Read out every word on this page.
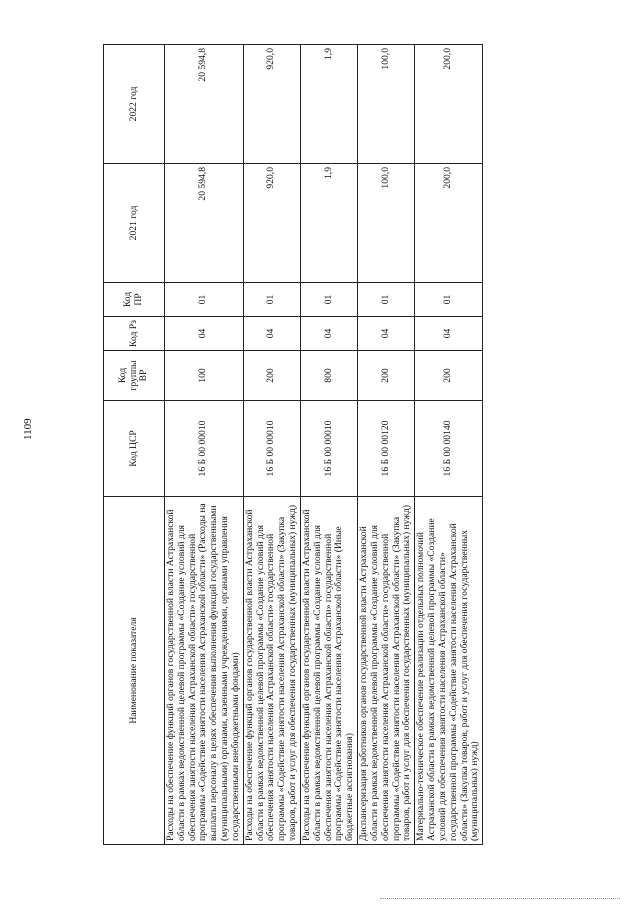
1109
Наименование показателя	Код ЦСР	Код группы ВР	Код Рз	Код ПР	2021 год	2022 год
Расходы на обеспечение функций органов государственной власти Астраханской области в рамках ведомственной целевой программы «Создание условий для обеспечения занятости населения Астраханской области» государственной программы «Содействие занятости населения Астраханской области» (Расходы на выплаты персоналу в целях обеспечения выполнения функций государственными (муниципальными) органами, казенными учреждениями, органами управления государственными внебюджетными фондами)	16 Б 00 00010	100	04	01	20 594,8	20 594,8
Расходы на обеспечение функций органов государственной власти Астраханской области в рамках ведомственной целевой программы «Создание условий для обеспечения занятости населения Астраханской области» государственной программы «Содействие занятости населения Астраханской области» (Закупка товаров, работ и услуг для обеспечения государственных (муниципальных) нужд)	16 Б 00 00010	200	04	01	920,0	920,0
Расходы на обеспечение функций органов государственной власти Астраханской области в рамках ведомственной целевой программы «Создание условий для обеспечения занятости населения Астраханской области» государственной программы «Содействие занятости населения Астраханской области» (Иные бюджетные ассигнования)	16 Б 00 00010	800	04	01	1,9	1,9
Диспансеризация работников органов государственной власти Астраханской области в рамках ведомственной целевой программы «Создание условий для обеспечения занятости населения Астраханской области» государственной программы «Содействие занятости населения Астраханской области» (Закупка товаров, работ и услуг для обеспечения государственных (муниципальных) нужд)	16 Б 00 00120	200	04	01	100,0	100,0
Материально-техническое обеспечение реализации отдельных полномочий Астраханской области в рамках ведомственной целевой программы «Создание условий для обеспечения занятости населения Астраханской области» государственной программы «Содействие занятости населения Астраханской области» (Закупка товаров, работ и услуг для обеспечения государственных (муниципальных) нужд)	16 Б 00 00140	200	04	01	200,0	200,0
